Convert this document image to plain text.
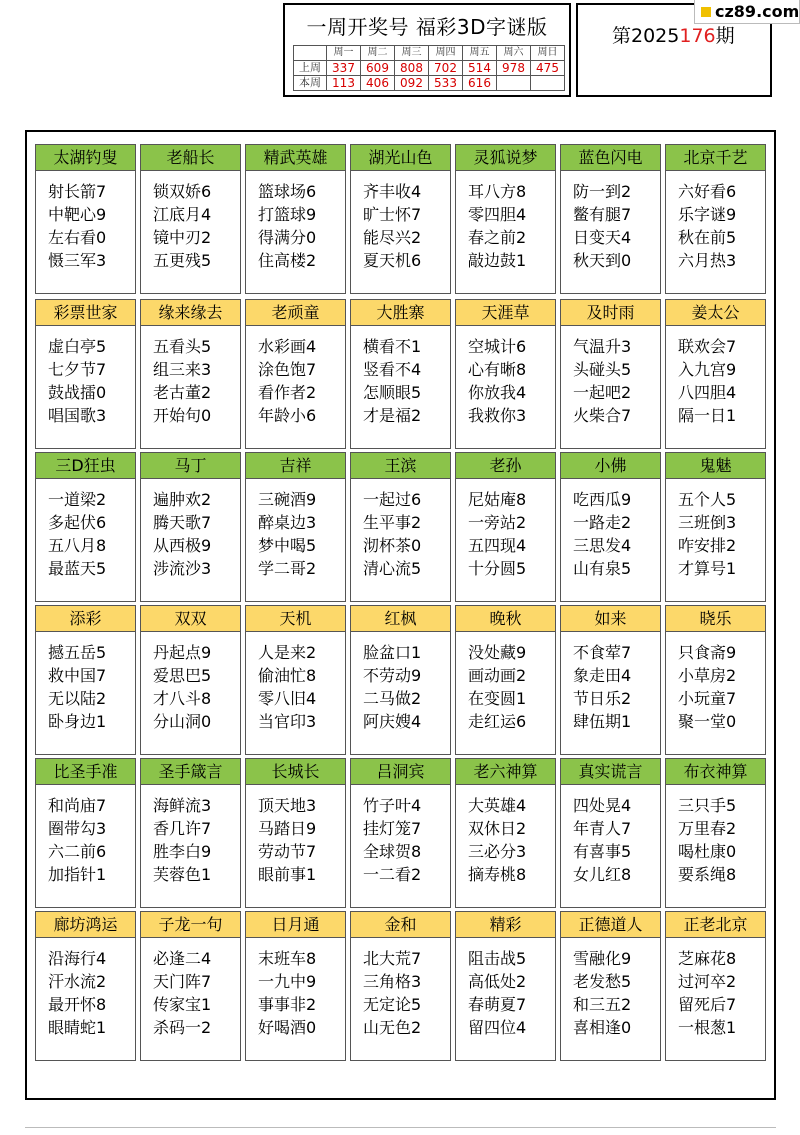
一周开奖号 福彩3D字谜版
	周一	周二	周三	周四	周五	周六	周日
上周	337	609	808	702	514	978	475
本周	113	406	092	533	616		
第2025176期
cz89.com
太湖钓叟
射长箭7
中靶心9
左右看0
慑三军3
老船长
锁双娇6
江底月4
镜中刃2
五更残5
精武英雄
篮球场6
打篮球9
得满分0
住高楼2
湖光山色
齐丰收4
旷士怀7
能尽兴2
夏天机6
灵狐说梦
耳八方8
零四胆4
春之前2
敲边鼓1
蓝色闪电
防一到2
鳖有腿7
日变天4
秋天到0
北京千艺
六好看6
乐字谜9
秋在前5
六月热3
彩票世家
虚白亭5
七夕节7
鼓战擂0
唱国歌3
缘来缘去
五看头5
组三来3
老古董2
开始句0
老顽童
水彩画4
涂色饱7
看作者2
年龄小6
大胜寨
横看不1
竖看不4
怎顺眼5
才是福2
天涯草
空城计6
心有晰8
你放我4
我救你3
及时雨
气温升3
头碰头5
一起吧2
火柴合7
姜太公
联欢会7
入九宫9
八四胆4
隔一日1
三D狂虫
一道梁2
多起伏6
五八月8
最蓝天5
马丁
遍肿欢2
腾天歌7
从西极9
涉流沙3
吉祥
三碗酒9
醉桌边3
梦中喝5
学二哥2
王滨
一起过6
生平事2
沏杯茶0
清心流5
老孙
尼姑庵8
一旁站2
五四现4
十分圆5
小佛
吃西瓜9
一路走2
三思发4
山有泉5
鬼魅
五个人5
三班倒3
咋安排2
才算号1
添彩
撼五岳5
救中国7
无以陆2
卧身边1
双双
丹起点9
爱思巴5
才八斗8
分山洞0
天机
人是来2
偷油忙8
零八旧4
当官印3
红枫
脸盆口1
不劳动9
二马做2
阿庆嫂4
晚秋
没处藏9
画动画2
在变圆1
走红运6
如来
不食荤7
象走田4
节日乐2
肆伍期1
晓乐
只食斋9
小草房2
小玩童7
聚一堂0
比圣手准
和尚庙7
圈带勾3
六二前6
加指针1
圣手箴言
海鲜流3
香几许7
胜李白9
芙蓉色1
长城长
顶天地3
马踏日9
劳动节7
眼前事1
吕洞宾
竹子叶4
挂灯笼7
全球贺8
一二看2
老六神算
大英雄4
双休日2
三必分3
摘寿桃8
真实谎言
四处晃4
年青人7
有喜事5
女儿红8
布衣神算
三只手5
万里春2
喝杜康0
要系绳8
廊坊鸿运
沿海行4
汗水流2
最开怀8
眼睛蛇1
子龙一句
必逢二4
天门阵7
传家宝1
杀码一2
日月通
末班车8
一九中9
事事非2
好喝酒0
金和
北大荒7
三角格3
无定论5
山无色2
精彩
阻击战5
高低处2
春萌夏7
留四位4
正德道人
雪融化9
老发愁5
和三五2
喜相逢0
正老北京
芝麻花8
过河卒2
留死后7
一根葱1
